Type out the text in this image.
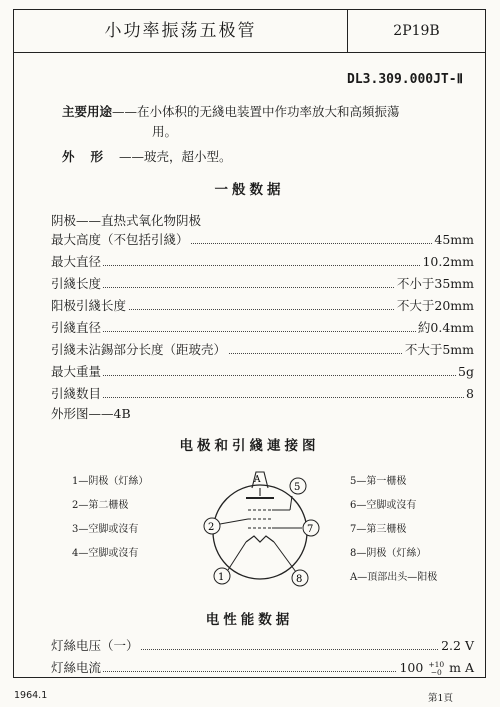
小功率振荡五极管	2P19B
DL3.309.000JT-Ⅱ
主要用途——在小体积的无綫电装置中作功率放大和高頻振蕩
用。
外形——玻壳，超小型。
一般数据
阴极——直热式氧化物阴极
最大高度（不包括引綫）	45mm
最大直径	10.2mm
引綫长度	不小于35mm
阳极引綫长度	不大于20mm
引綫直径	約0.4mm
引綫未沾錫部分长度（距玻壳）	不大于5mm
最大重量	5g
引綫数目	8
外形图——4B
电极和引綫連接图
1—阴极（灯絲）
2—第二栅极
3—空脚或沒有
4—空脚或沒有
5—第一栅极
6—空脚或沒有
7—第三栅极
8—阴极（灯絲）
A—頂部出头—阳极
A
5
2	7
1	8
电性能数据
灯絲电压（一）	2.2 V
灯絲电流	100 +10
−0 m A
1964.1	第1頁
